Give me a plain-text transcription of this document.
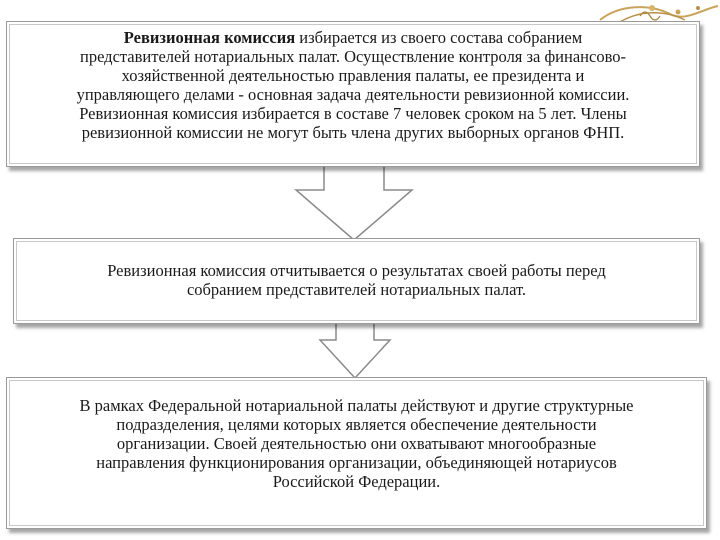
Ревизионная комиссия избирается из своего состава собранием
представителей нотариальных палат. Осуществление контроля за финансово-
хозяйственной деятельностью правления палаты, ее президента и
управляющего делами - основная задача деятельности ревизионной комиссии.
Ревизионная комиссия избирается в составе 7 человек сроком на 5 лет. Члены
ревизионной комиссии не могут быть члена других выборных органов ФНП.
Ревизионная комиссия отчитывается о результатах своей работы перед
собранием представителей нотариальных палат.
В рамках Федеральной нотариальной палаты действуют и другие структурные
подразделения, целями которых является обеспечение деятельности
организации. Своей деятельностью они охватывают многообразные
направления функционирования организации, объединяющей нотариусов
Российской Федерации.
